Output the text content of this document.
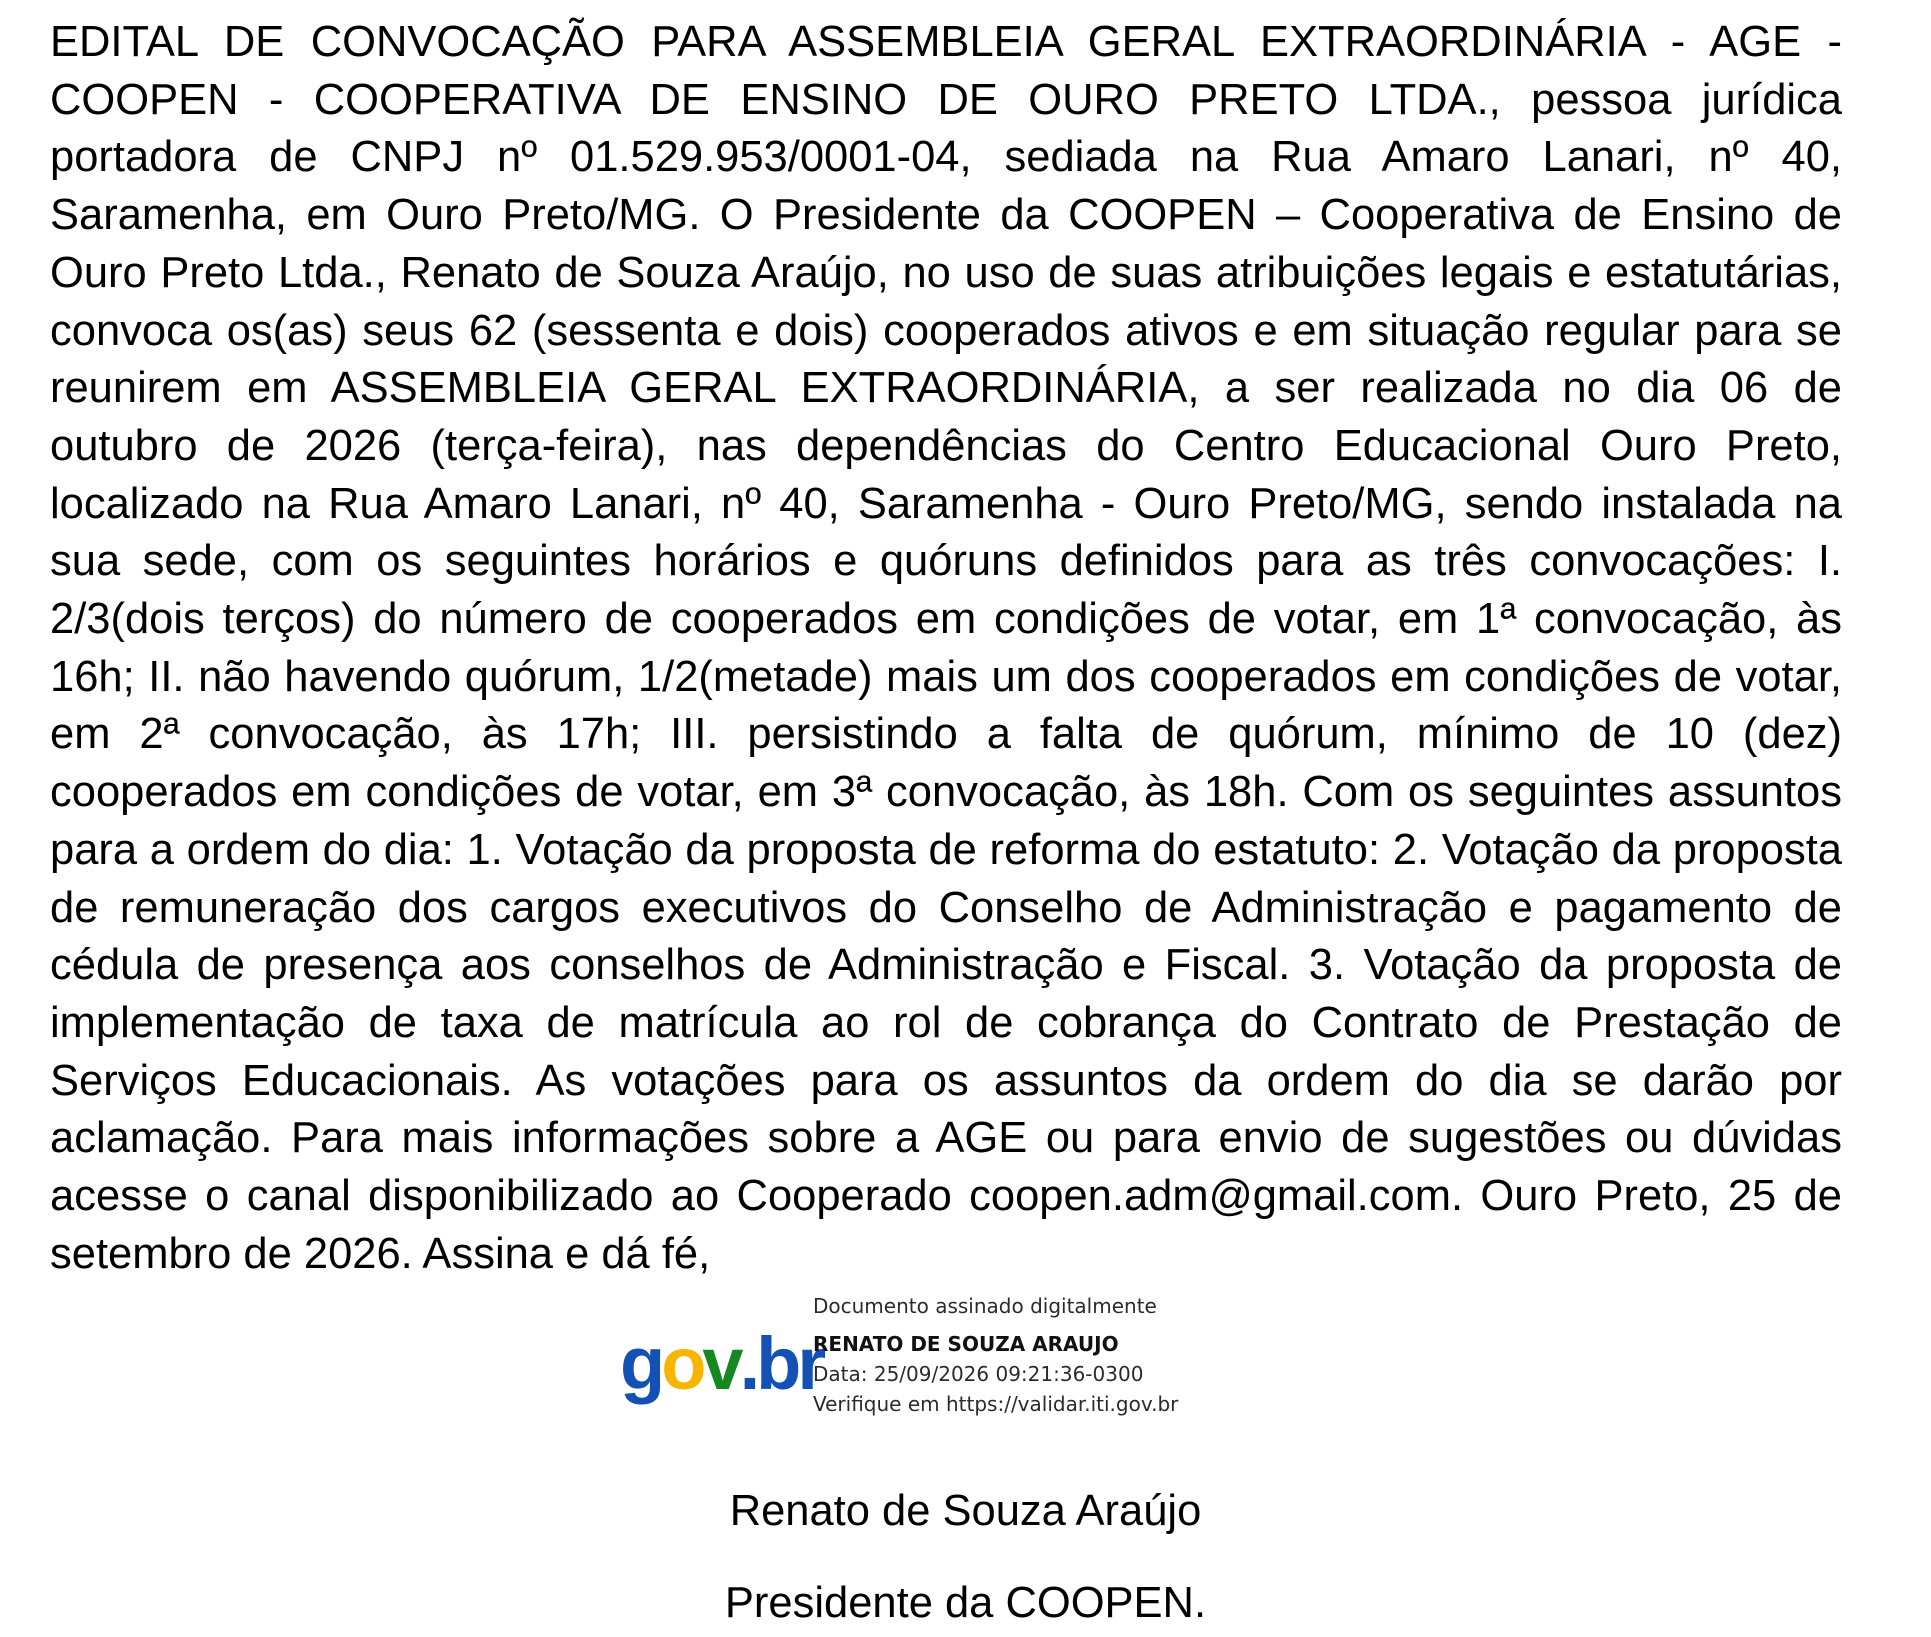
EDITAL DE CONVOCAÇÃO PARA ASSEMBLEIA GERAL EXTRAORDINÁRIA - AGE - COOPEN - COOPERATIVA DE ENSINO DE OURO PRETO LTDA., pessoa jurídica portadora de CNPJ nº 01.529.953/0001-04, sediada na Rua Amaro Lanari, nº 40, Saramenha, em Ouro Preto/MG. O Presidente da COOPEN – Cooperativa de Ensino de Ouro Preto Ltda., Renato de Souza Araújo, no uso de suas atribuições legais e estatutárias, convoca os(as) seus 62 (sessenta e dois) cooperados ativos e em situação regular para se reunirem em ASSEMBLEIA GERAL EXTRAORDINÁRIA, a ser realizada no dia 06 de outubro de 2026 (terça-feira), nas dependências do Centro Educacional Ouro Preto, localizado na Rua Amaro Lanari, nº 40, Saramenha - Ouro Preto/MG, sendo instalada na sua sede, com os seguintes horários e quóruns definidos para as três convocações: I. 2/3(dois terços) do número de cooperados em condições de votar, em 1ª convocação, às 16h; II. não havendo quórum, 1/2(metade) mais um dos cooperados em condições de votar, em 2ª convocação, às 17h; III. persistindo a falta de quórum, mínimo de 10 (dez) cooperados em condições de votar, em 3ª convocação, às 18h. Com os seguintes assuntos para a ordem do dia: 1. Votação da proposta de reforma do estatuto: 2. Votação da proposta de remuneração dos cargos executivos do Conselho de Administração e pagamento de cédula de presença aos conselhos de Administração e Fiscal. 3. Votação da proposta de implementação de taxa de matrícula ao rol de cobrança do Contrato de Prestação de Serviços Educacionais. As votações para os assuntos da ordem do dia se darão por aclamação. Para mais informações sobre a AGE ou para envio de sugestões ou dúvidas acesse o canal disponibilizado ao Cooperado coopen.adm@gmail.com. Ouro Preto, 25 de setembro de 2026. Assina e dá fé,

gov.br
Documento assinado digitalmente
RENATO DE SOUZA ARAUJO
Data: 25/09/2026 09:21:36-0300
Verifique em https://validar.iti.gov.br
Renato de Souza Araújo
Presidente da COOPEN.
